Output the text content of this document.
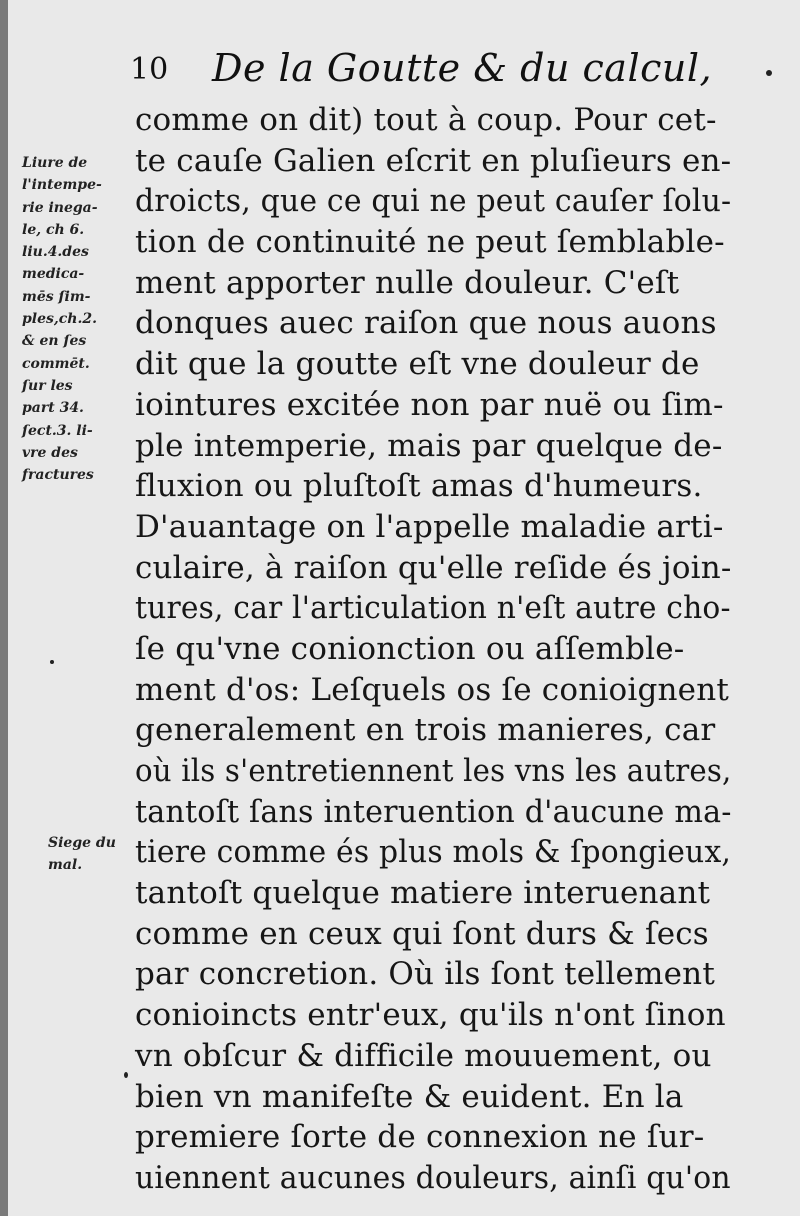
10 De la Goutte & du calcul,
Liure de
l'intempe-
rie inega-
le, ch 6.
liu.4.des
medica-
mēs ſim-
ples,ch.2.
& en ſes
commēt.
ſur les
part 34.
ſect.3. li-
vre des
fractures
Siege du
mal.
comme on dit) tout à coup. Pour cet-
te cauſe Galien eſcrit en pluſieurs en-
droicts, que ce qui ne peut cauſer ſolu-
tion de continuité ne peut ſemblable-
ment apporter nulle douleur. C'eſt
donques auec raiſon que nous auons
dit que la goutte eſt vne douleur de
iointures excitée non par nuë ou ſim-
ple intemperie, mais par quelque de-
fluxion ou pluſtoſt amas d'humeurs.
D'auantage on l'appelle maladie arti-
culaire, à raiſon qu'elle reſide és join-
tures, car l'articulation n'eſt autre cho-
ſe qu'vne conionction ou aſſemble-
ment d'os: Leſquels os ſe conioignent
generalement en trois manieres, car
où ils s'entretiennent les vns les autres,
tantoſt ſans interuention d'aucune ma-
tiere comme és plus mols & ſpongieux,
tantoſt quelque matiere interuenant
comme en ceux qui ſont durs & ſecs
par concretion. Où ils ſont tellement
conioincts entr'eux, qu'ils n'ont ſinon
vn obſcur & difficile mouuement, ou
bien vn manifeſte & euident. En la
premiere ſorte de connexion ne ſur-
uiennent aucunes douleurs, ainſi qu'on
